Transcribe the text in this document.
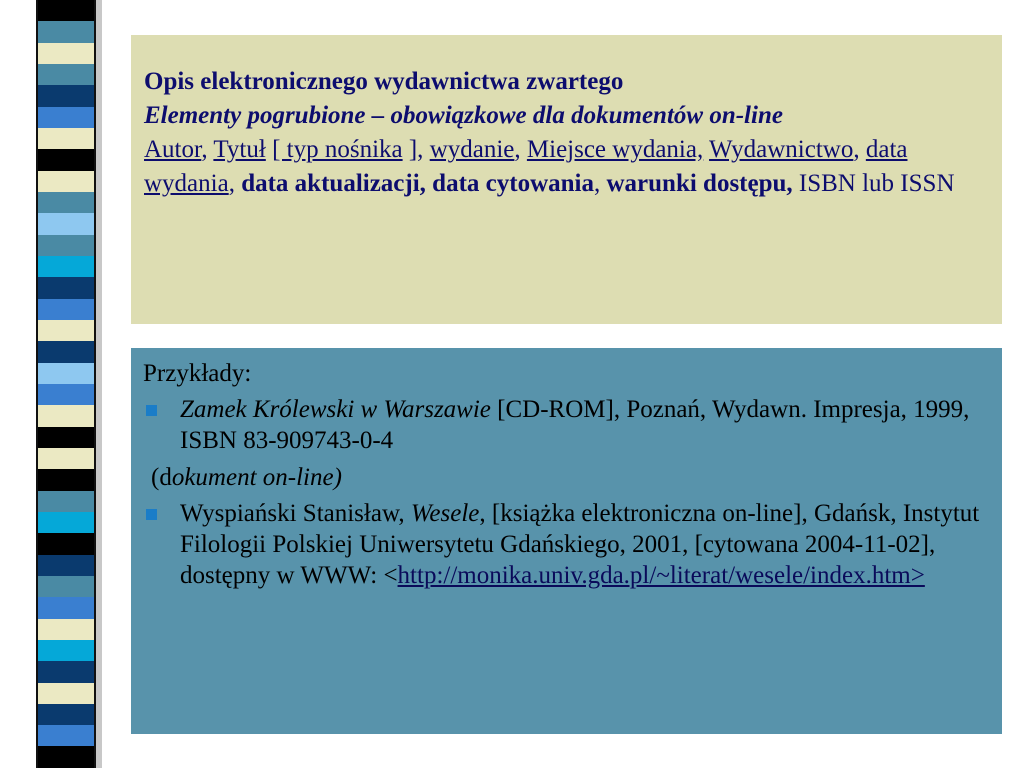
Opis elektronicznego wydawnictwa zwartego
Elementy pogrubione – obowiązkowe dla dokumentów on-line
Autor, Tytuł [ typ nośnika ], wydanie, Miejsce wydania, Wydawnictwo, data wydania, data aktualizacji, data cytowania, warunki dostępu, ISBN lub ISSN
Przykłady:
Zamek Królewski w Warszawie [CD-ROM], Poznań, Wydawn. Impresja, 1999, ISBN 83-909743-0-4
(dokument on-line)
Wyspiański Stanisław, Wesele, [książka elektroniczna on-line], Gdańsk, Instytut Filologii Polskiej Uniwersytetu Gdańskiego, 2001, [cytowana 2004-11-02], dostępny w WWW: <http://monika.univ.gda.pl/~literat/wesele/index.htm>
